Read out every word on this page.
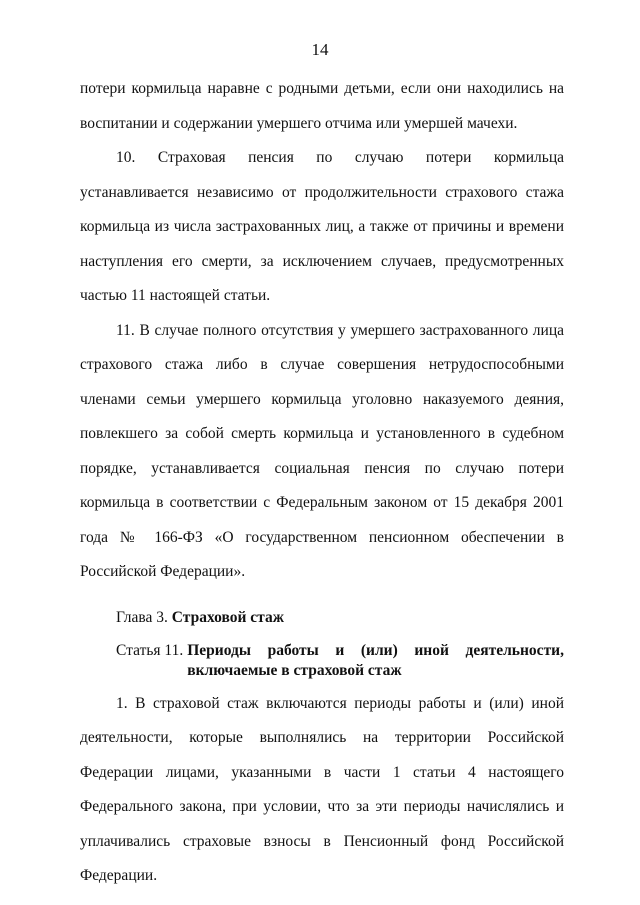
14

потери кормильца наравне с родными детьми, если они находились на воспитании и содержании умершего отчима или умершей мачехи.

10. Страховая пенсия по случаю потери кормильца устанавливается независимо от продолжительности страхового стажа кормильца из числа застрахованных лиц, а также от причины и времени наступления его смерти, за исключением случаев, предусмотренных частью 11 настоящей статьи.

11. В случае полного отсутствия у умершего застрахованного лица страхового стажа либо в случае совершения нетрудоспособными членами семьи умершего кормильца уголовно наказуемого деяния, повлекшего за собой смерть кормильца и установленного в судебном порядке, устанавливается социальная пенсия по случаю потери кормильца в соответствии с Федеральным законом от 15 декабря 2001 года № 166-ФЗ «О государственном пенсионном обеспечении в Российской Федерации».

Глава 3. Страховой стаж

Статья 11. Периоды работы и (или) иной деятельности,
включаемые в страховой стаж

1. В страховой стаж включаются периоды работы и (или) иной деятельности, которые выполнялись на территории Российской Федерации лицами, указанными в части 1 статьи 4 настоящего Федерального закона, при условии, что за эти периоды начислялись и уплачивались страховые взносы в Пенсионный фонд Российской Федерации.
